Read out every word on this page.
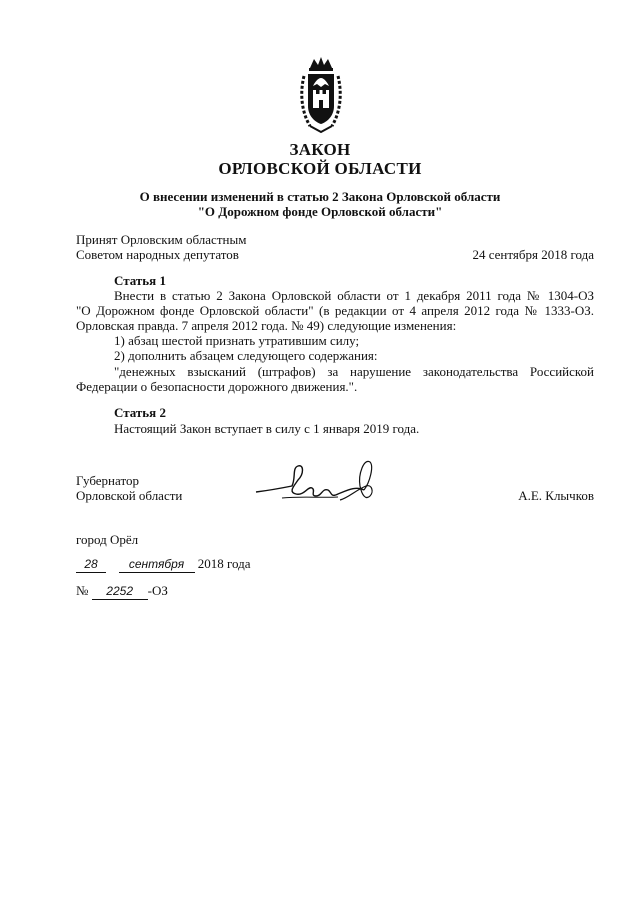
ЗАКОН
ОРЛОВСКОЙ ОБЛАСТИ
О внесении изменений в статью 2 Закона Орловской области
"О Дорожном фонде Орловской области"
Принят Орловским областным
Советом народных депутатов	24 сентября 2018 года
Статья 1
Внести в статью 2 Закона Орловской области от 1 декабря 2011 года № 1304-ОЗ
"О Дорожном фонде Орловской области" (в редакции от 4 апреля 2012 года № 1333-ОЗ.
Орловская правда. 7 апреля 2012 года. № 49) следующие изменения:
1) абзац шестой признать утратившим силу;
2) дополнить абзацем следующего содержания:
"денежных взысканий (штрафов) за нарушение законодательства Российской
Федерации о безопасности дорожного движения.".
Статья 2
Настоящий Закон вступает в силу с 1 января 2019 года.
Губернатор
Орловской области	А.Е. Клычков
город Орёл
28	сентября 2018 года
№ 2252 -ОЗ
